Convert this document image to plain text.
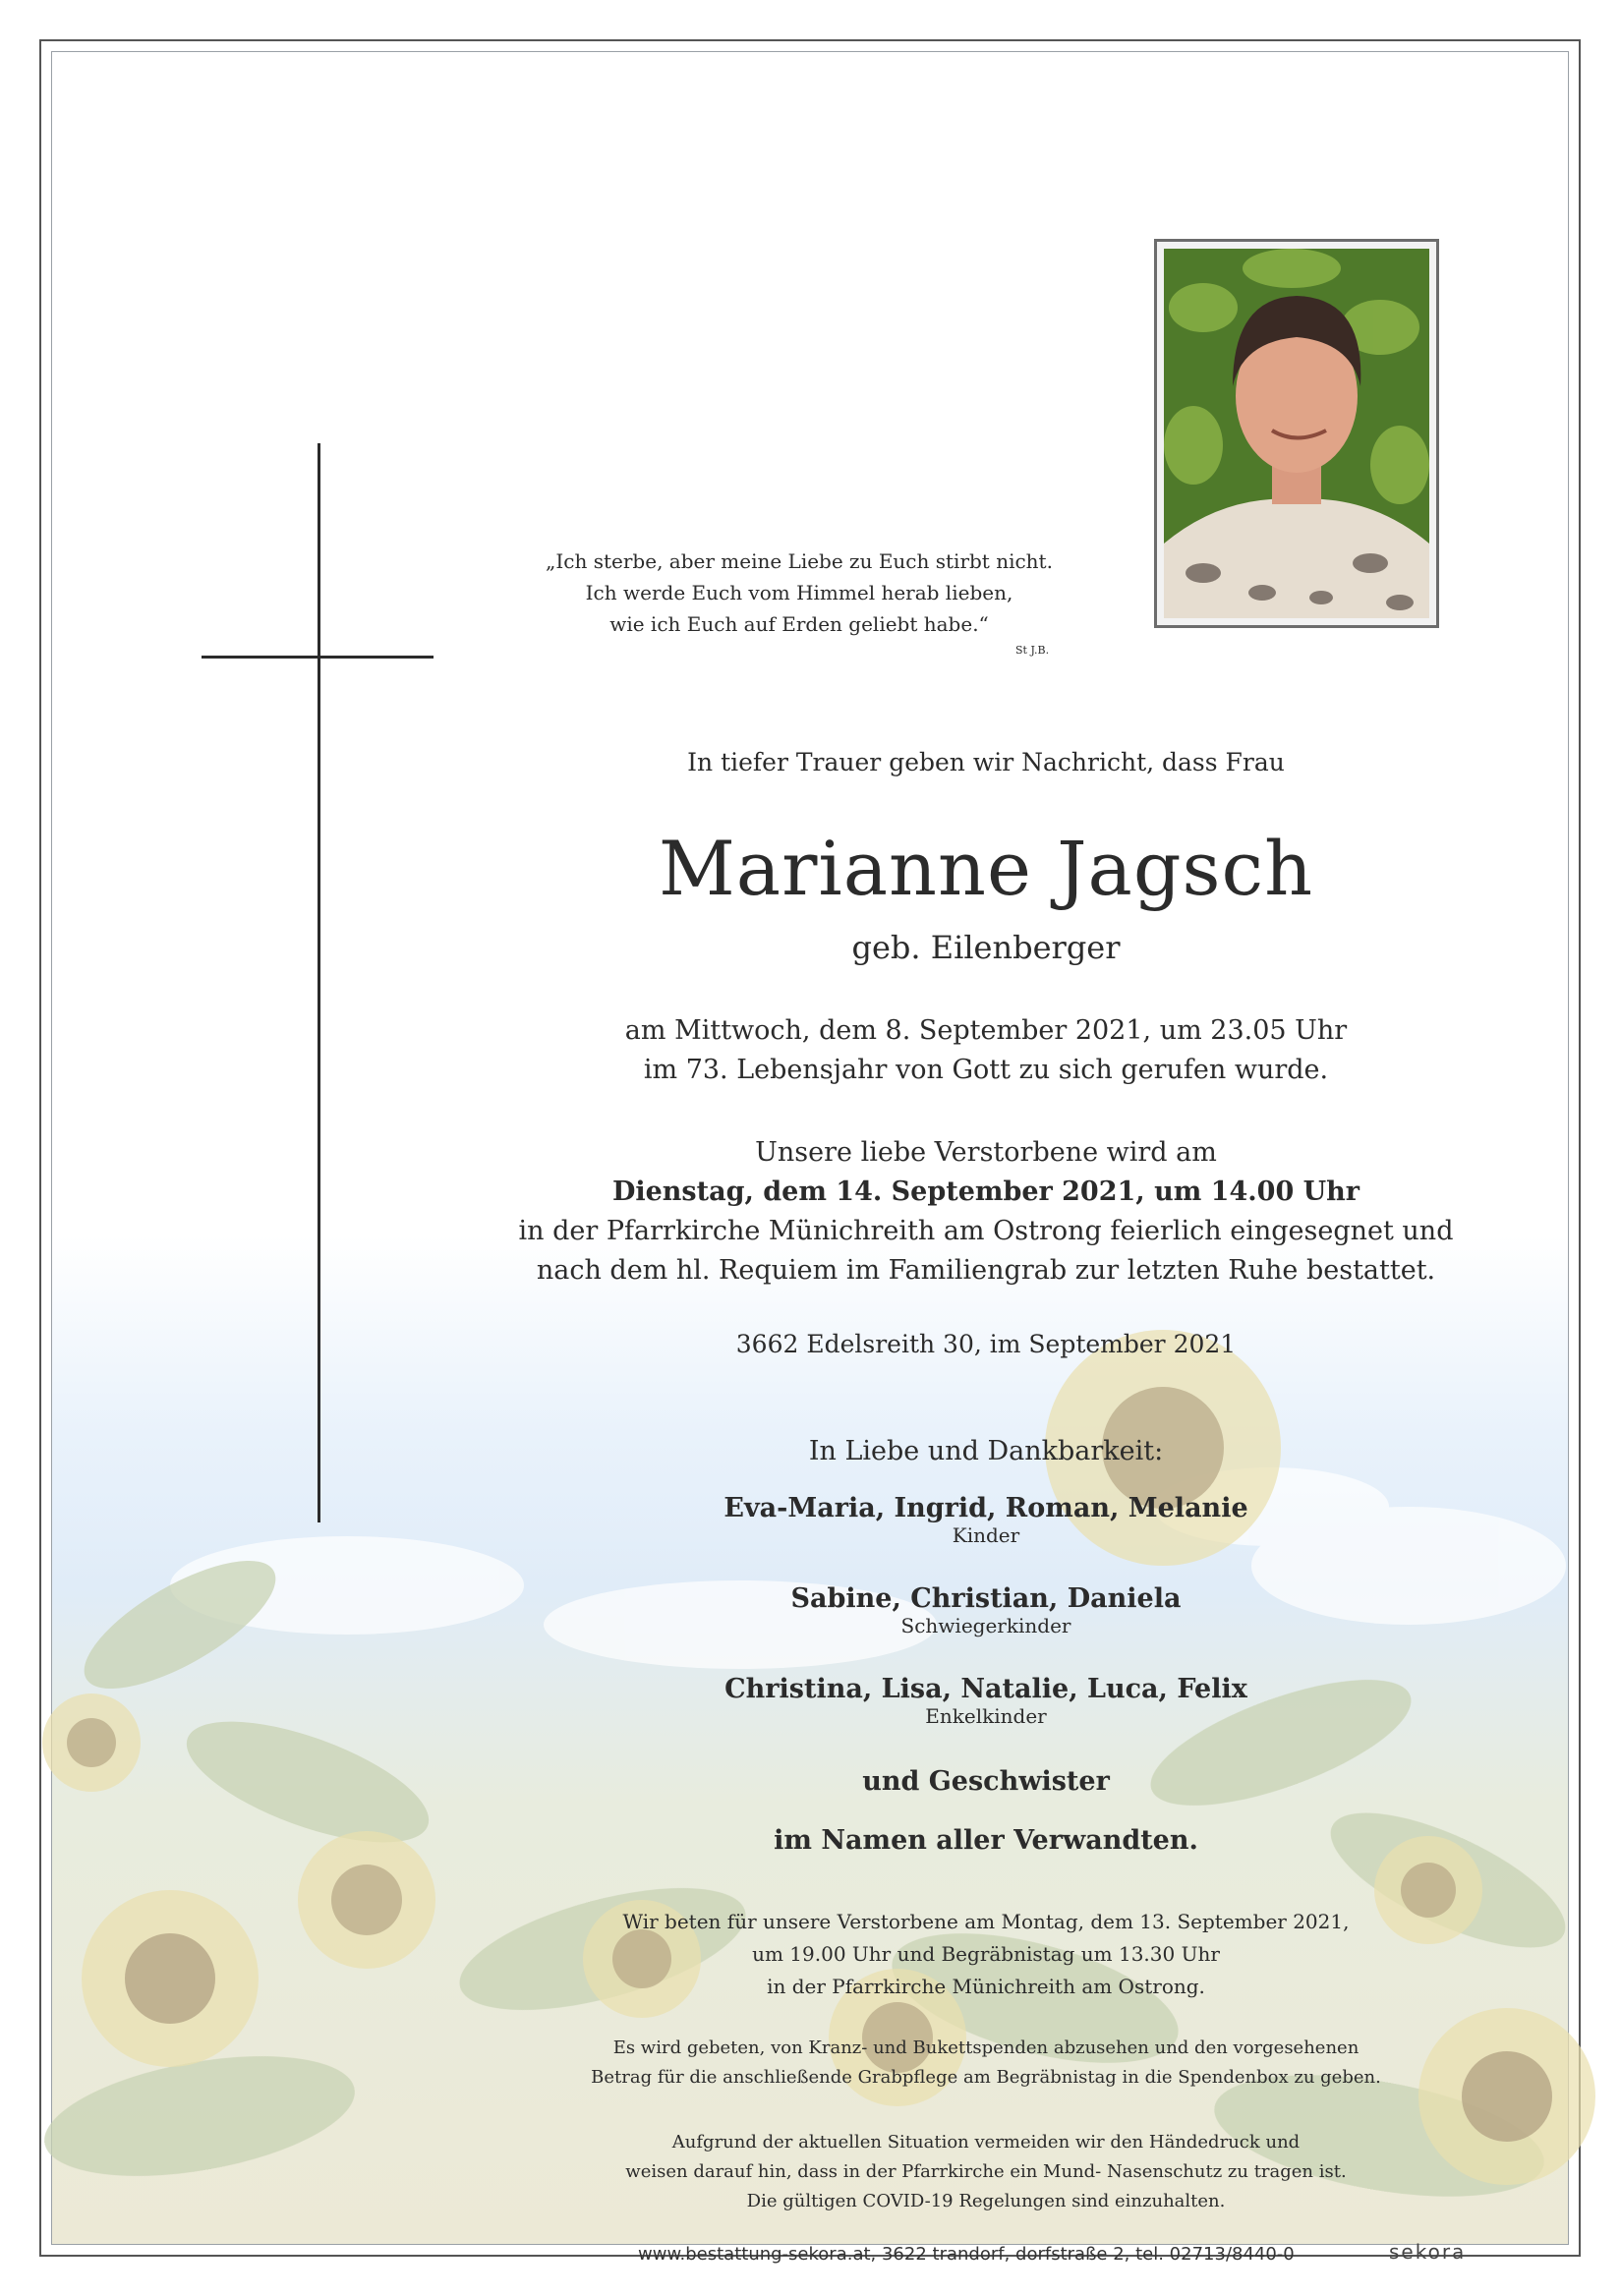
„Ich sterbe, aber meine Liebe zu Euch stirbt nicht.
Ich werde Euch vom Himmel herab lieben,
wie ich Euch auf Erden geliebt habe.“
St J.B.
In tiefer Trauer geben wir Nachricht, dass Frau
Marianne Jagsch
geb. Eilenberger
am Mittwoch, dem 8. September 2021, um 23.05 Uhr
im 73. Lebensjahr von Gott zu sich gerufen wurde.
Unsere liebe Verstorbene wird am
Dienstag, dem 14. September 2021, um 14.00 Uhr
in der Pfarrkirche Münichreith am Ostrong feierlich eingesegnet und
nach dem hl. Requiem im Familiengrab zur letzten Ruhe bestattet.
3662 Edelsreith 30, im September 2021
In Liebe und Dankbarkeit:
Eva-Maria, Ingrid, Roman, Melanie
Kinder
Sabine, Christian, Daniela
Schwiegerkinder
Christina, Lisa, Natalie, Luca, Felix
Enkelkinder
und Geschwister
im Namen aller Verwandten.
Wir beten für unsere Verstorbene am Montag, dem 13. September 2021,
um 19.00 Uhr und Begräbnistag um 13.30 Uhr
in der Pfarrkirche Münichreith am Ostrong.
Es wird gebeten, von Kranz- und Bukettspenden abzusehen und den vorgesehenen
Betrag für die anschließende Grabpflege am Begräbnistag in die Spendenbox zu geben.
Aufgrund der aktuellen Situation vermeiden wir den Händedruck und
weisen darauf hin, dass in der Pfarrkirche ein Mund- Nasenschutz zu tragen ist.
Die gültigen COVID-19 Regelungen sind einzuhalten.
www.bestattung-sekora.at, 3622 trandorf, dorfstraße 2, tel. 02713/8440-0	sekora
